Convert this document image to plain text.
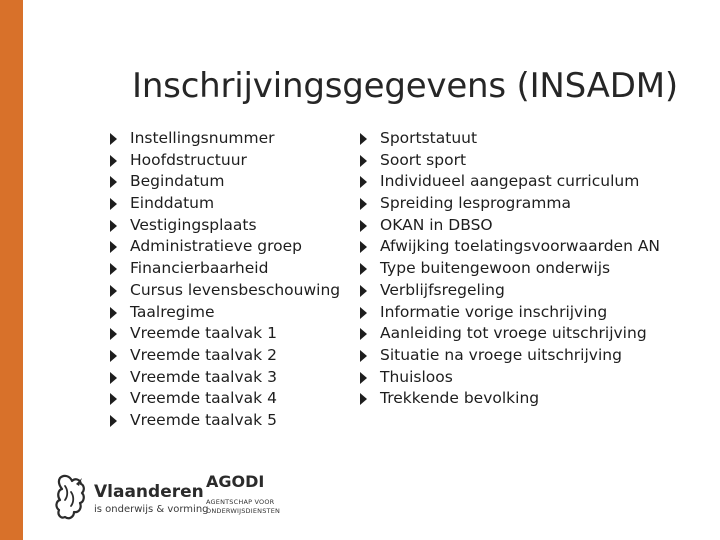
Inschrijvingsgegevens (INSADM)
Instellingsnummer
Hoofdstructuur
Begindatum
Einddatum
Vestigingsplaats
Administratieve groep
Financierbaarheid
Cursus levensbeschouwing
Taalregime
Vreemde taalvak 1
Vreemde taalvak 2
Vreemde taalvak 3
Vreemde taalvak 4
Vreemde taalvak 5
Sportstatuut
Soort sport
Individueel aangepast curriculum
Spreiding lesprogramma
OKAN in DBSO
Afwijking toelatingsvoorwaarden AN
Type buitengewoon onderwijs
Verblijfsregeling
Informatie vorige inschrijving
Aanleiding tot vroege uitschrijving
Situatie na vroege uitschrijving
Thuisloos
Trekkende bevolking
Vlaanderen
is onderwijs & vorming
AGODI
AGENTSCHAP VOOR ONDERWIJSDIENSTEN
